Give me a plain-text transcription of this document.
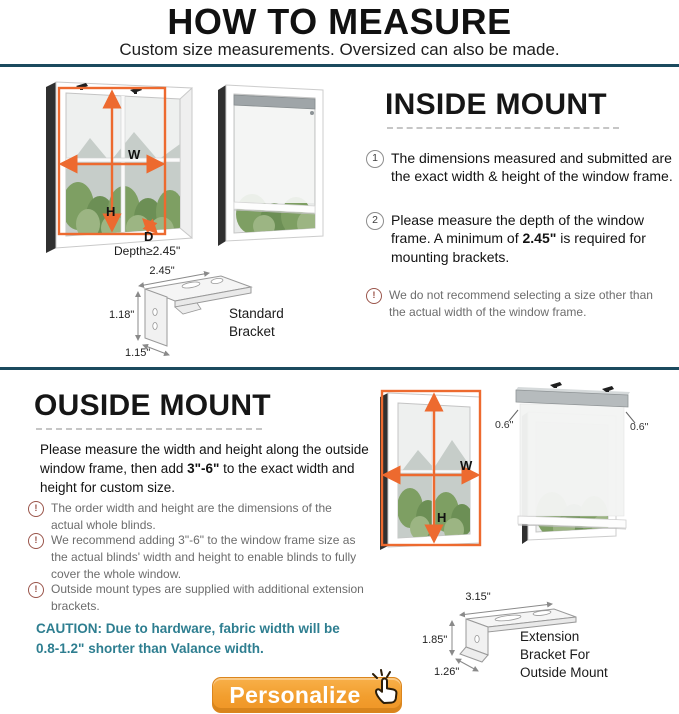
HOW TO MEASURE

Custom size measurements. Oversized can also be made.

W
H
D
Depth≥2.45"
2.45"
1.18"
1.15"
Standard
Bracket
INSIDE MOUNT
1 The dimensions measured and submitted are the exact width & height of the window frame.

2 Please measure the depth of the window frame. A minimum of 2.45" is required for mounting brackets.

!	We do not recommend selecting a size other than the actual width of the window frame.

OUSIDE MOUNT

Please measure the width and height along the outside window frame, then add 3"-6" to the exact width and height for custom size.

!	The order width and height are the dimensions of the actual whole blinds.

!	We recommend adding 3"-6" to the window frame size as the actual blinds' width and height to enable blinds to fully cover the whole window.

!	Outside mount types are supplied with additional extension brackets.

CAUTION: Due to hardware, fabric width will be 0.8-1.2" shorter than Valance width.

W
H
0.6"	0.6"
3.15"
1.85"
1.26"
Extension
Bracket For
Outside Mount
Personalize
